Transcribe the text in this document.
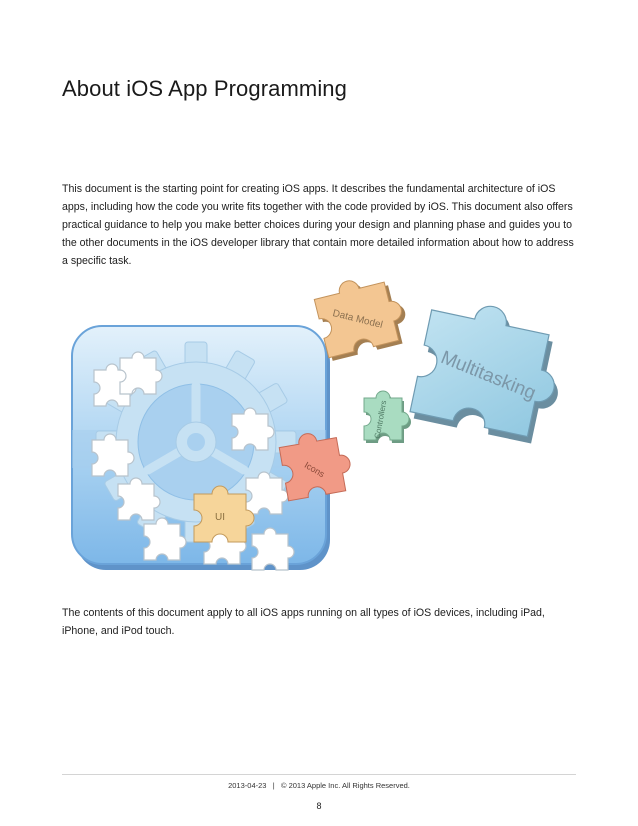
About iOS App Programming

This document is the starting point for creating iOS apps. It describes the fundamental architecture of iOS apps, including how the code you write fits together with the code provided by iOS. This document also offers practical guidance to help you make better choices during your design and planning phase and guides you to the other documents in the iOS developer library that contain more detailed information about how to address a specific task.

UI
Icons
Data Model
Controllers
Multitasking

The contents of this document apply to all iOS apps running on all types of iOS devices, including iPad, iPhone, and iPod touch.

2013-04-23 | © 2013 Apple Inc. All Rights Reserved.
8
